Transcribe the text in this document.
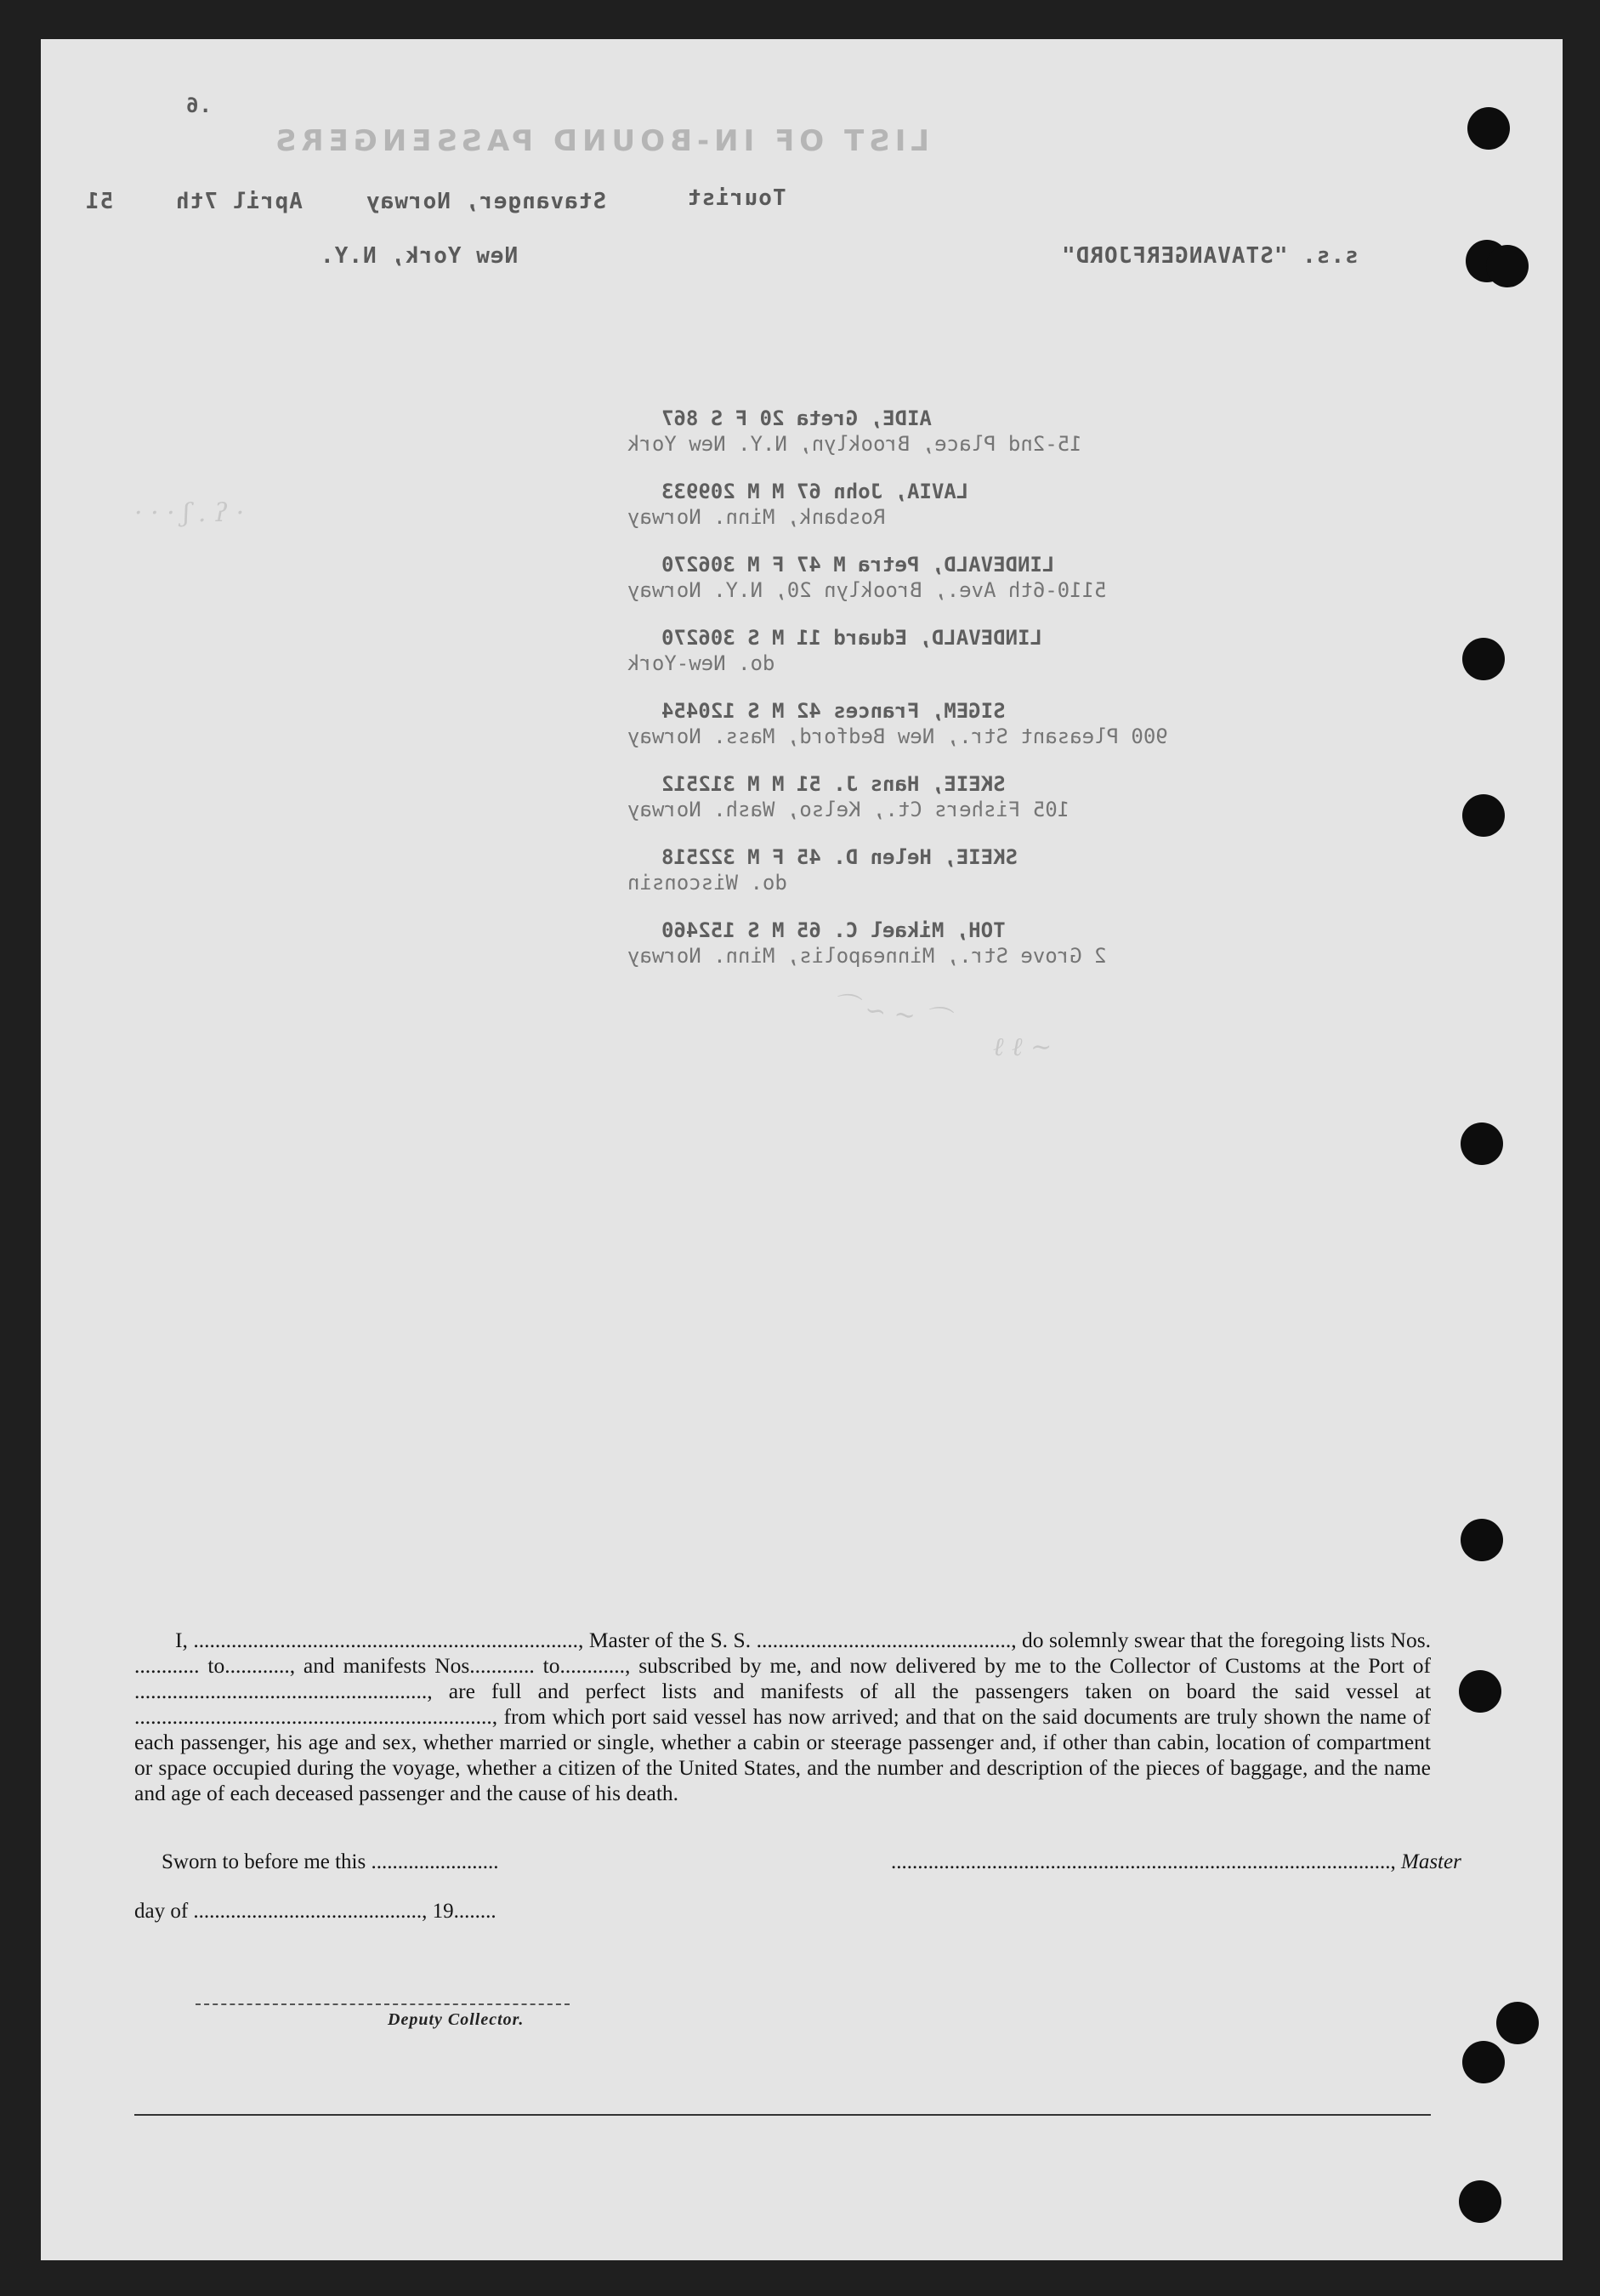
.6
LIST OF IN-BOUND PASSENGERS
51	April 7th	Stavanger, Norway	Tourist
New York, N.Y.	s.s. "STAVANGERFJORD"
· · · ʃ . ʔ ·
⌒ ∽ ∼ ⌒
ℓ ℓ ∼
AIDE, Greta 20 F S 867
15-2nd Place, Brooklyn, N.Y. New York
LAVIA, John 67 M M 209933
Rosbank, Minn. Norway
LINDEVALD, Petra M 47 F M 306270
5110-6th Ave., Brooklyn 20, N.Y. Norway
LINDEVALD, Eduard 11 M S 306270
do. New-York
SIGEM, Frances 42 M S 120454
900 Pleasant Str., New Bedford, Mass. Norway
SKEIE, Hans J. 51 M M 312512
105 Fishers Ct., Kelso, Wash. Norway
SKEIE, Helen D. 45 F M 322518
do. Wisconsin
TOH, Mikael C. 65 M S 152460
2 Grove Str., Minneapolis, Minn. Norway
I, ......................................................................., Master of the S. S. ..............................................., do solemnly swear that the foregoing lists Nos. ............ to............, and manifests Nos............ to............, subscribed by me, and now delivered by me to the Collector of Customs at the Port of ......................................................, are full and perfect lists and manifests of all the passengers taken on board the said vessel at .................................................................., from which port said vessel has now arrived; and that on the said documents are truly shown the name of each passenger, his age and sex, whether married or single, whether a cabin or steerage passenger and, if other than cabin, location of compartment or space occupied during the voyage, whether a citizen of the United States, and the number and description of the pieces of baggage, and the name and age of each deceased passenger and the cause of his death.
Sworn to before me this ........................	.............................................................................................., Master
day of ..........................................., 19........
Deputy Collector.
